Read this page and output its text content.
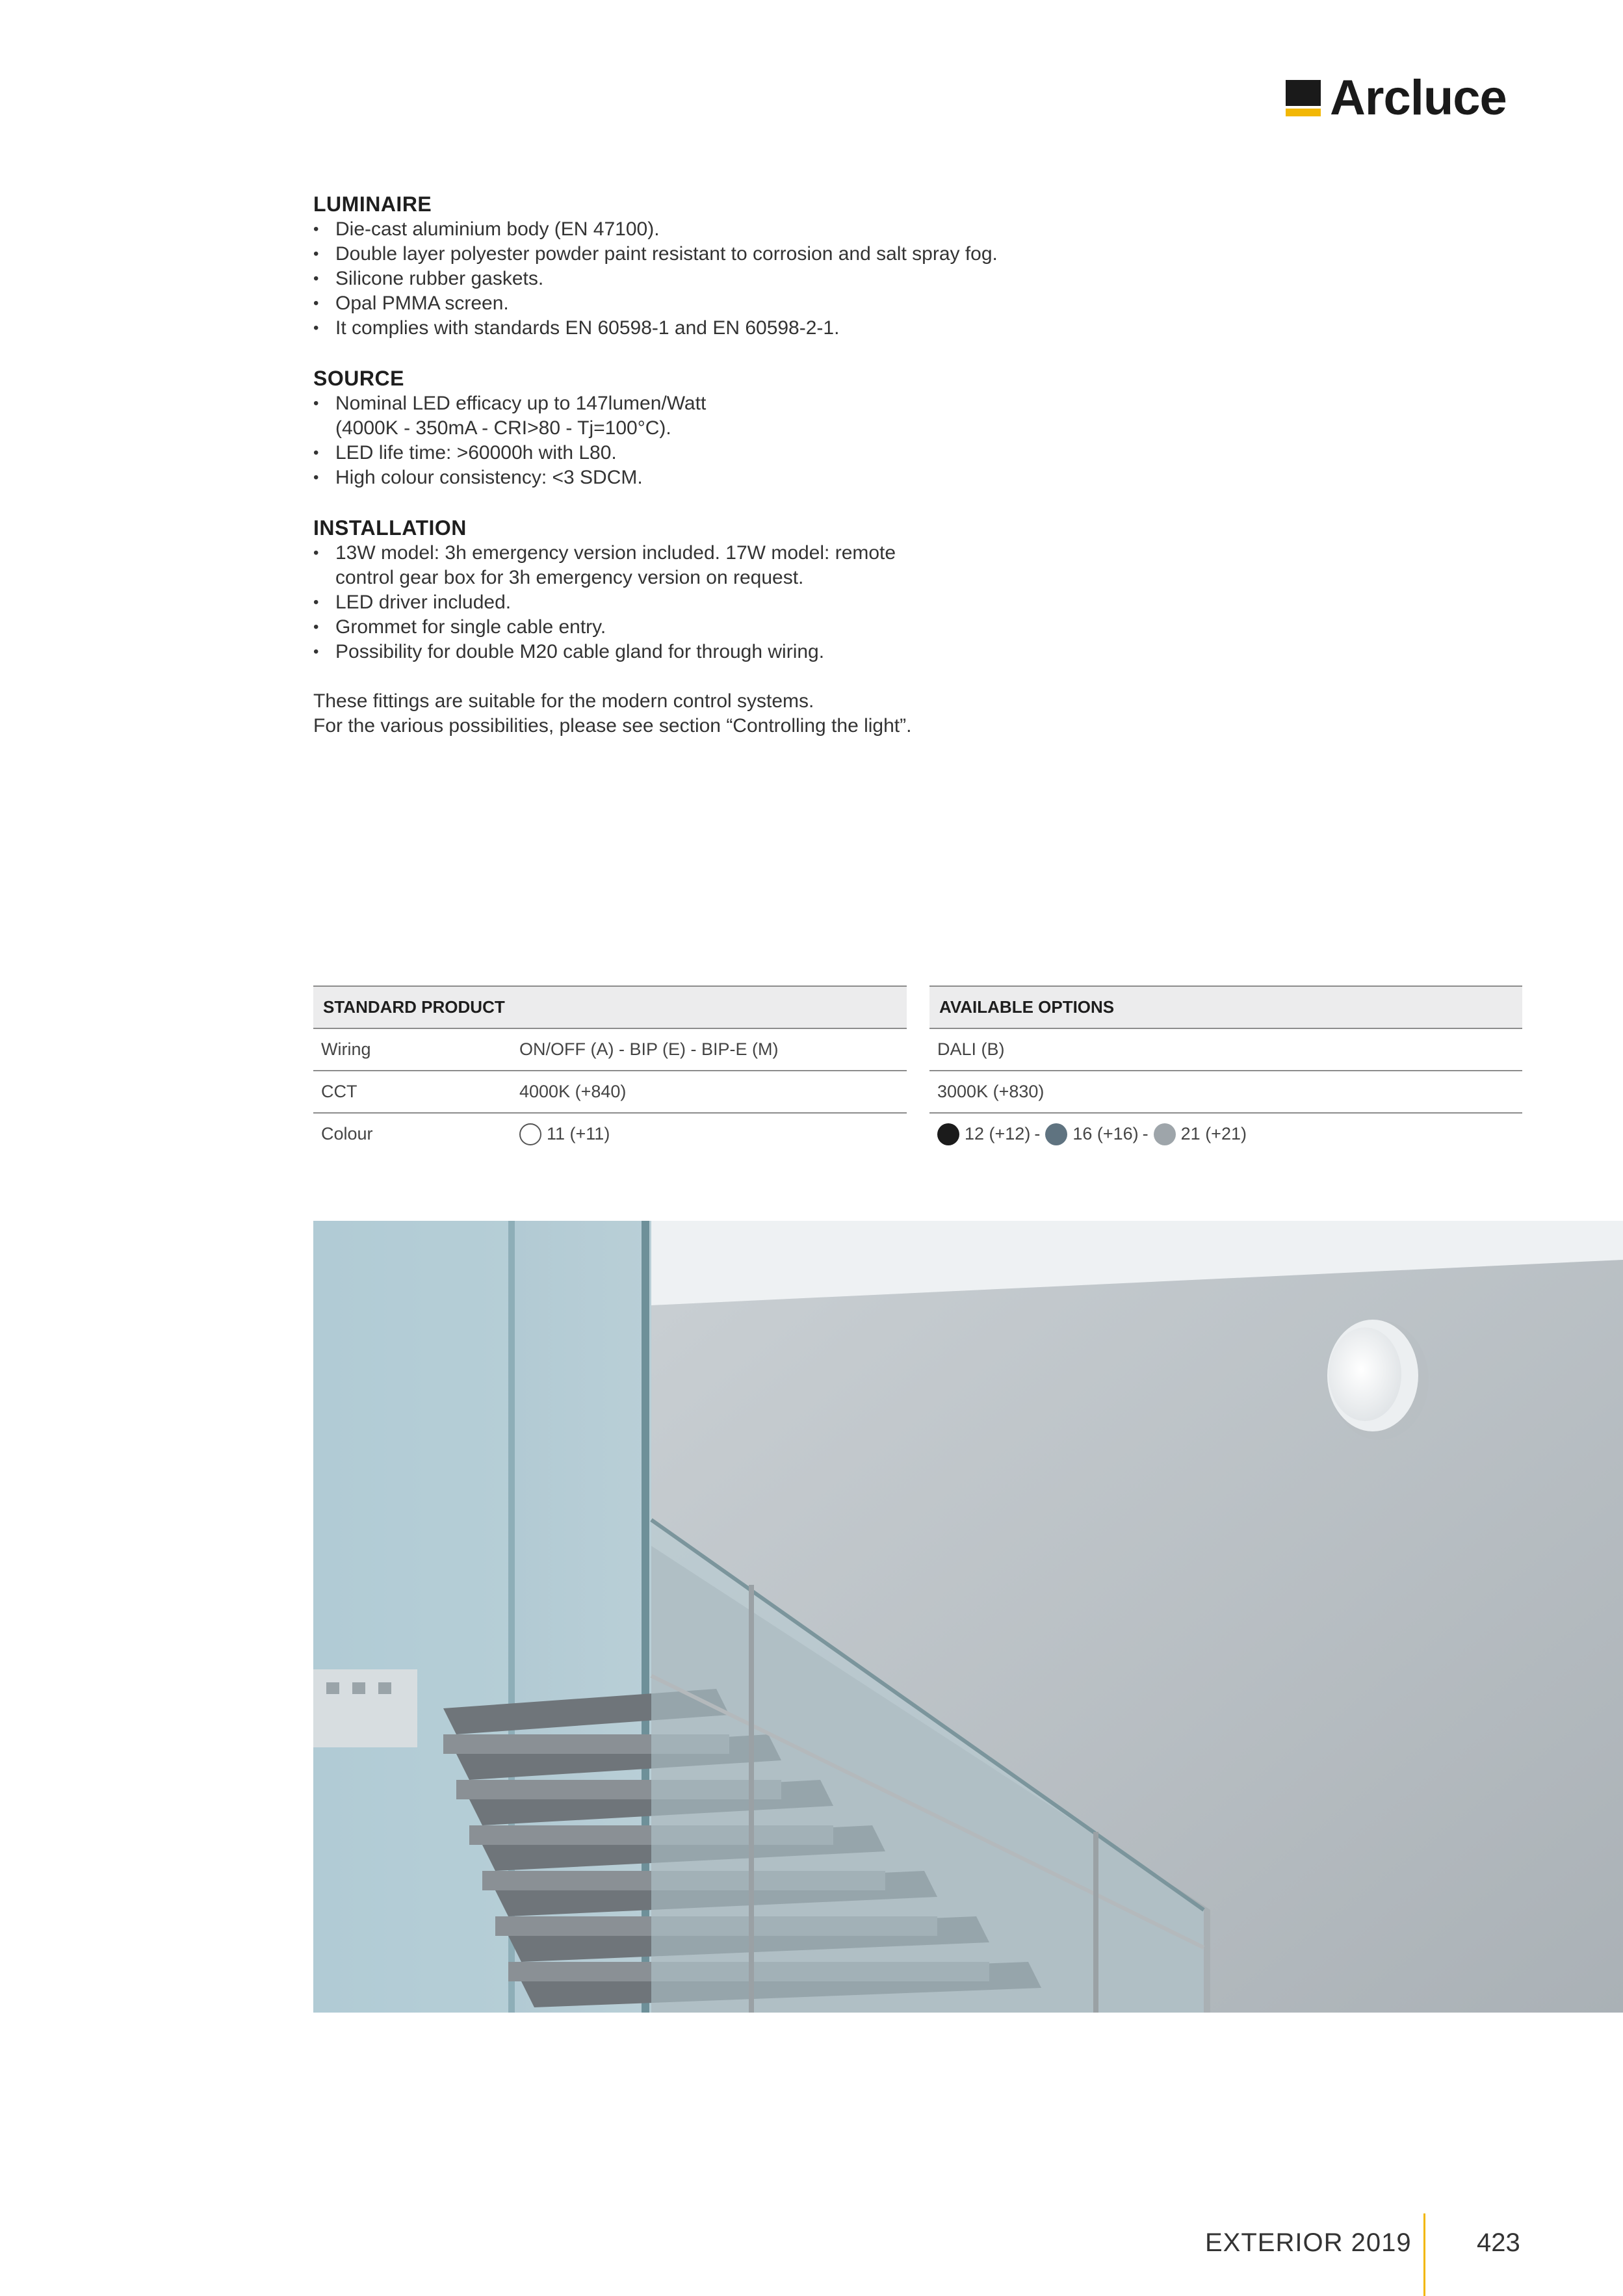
Arcluce
LUMINAIRE
• Die-cast aluminium body (EN 47100).
• Double layer polyester powder paint resistant to corrosion and salt spray fog.
• Silicone rubber gaskets.
• Opal PMMA screen.
• It complies with standards EN 60598-1 and EN 60598-2-1.
SOURCE
• Nominal LED efficacy up to 147lumen/Watt
(4000K - 350mA - CRI>80 - Tj=100°C).
• LED life time: >60000h with L80.
• High colour consistency: <3 SDCM.
INSTALLATION
• 13W model: 3h emergency version included. 17W model: remote
control gear box for 3h emergency version on request.
• LED driver included.
• Grommet for single cable entry.
• Possibility for double M20 cable gland for through wiring.

These fittings are suitable for the modern control systems.

For the various possibilities, please see section “Controlling the light”.

STANDARD PRODUCT
Wiring	ON/OFF (A) - BIP (E) - BIP-E (M)
CCT	4000K (+840)
Colour	11 (+11)
AVAILABLE OPTIONS
DALI (B)
3000K (+830)
12 (+12) - 16 (+16) - 21 (+21)
EXTERIOR 2019	423
